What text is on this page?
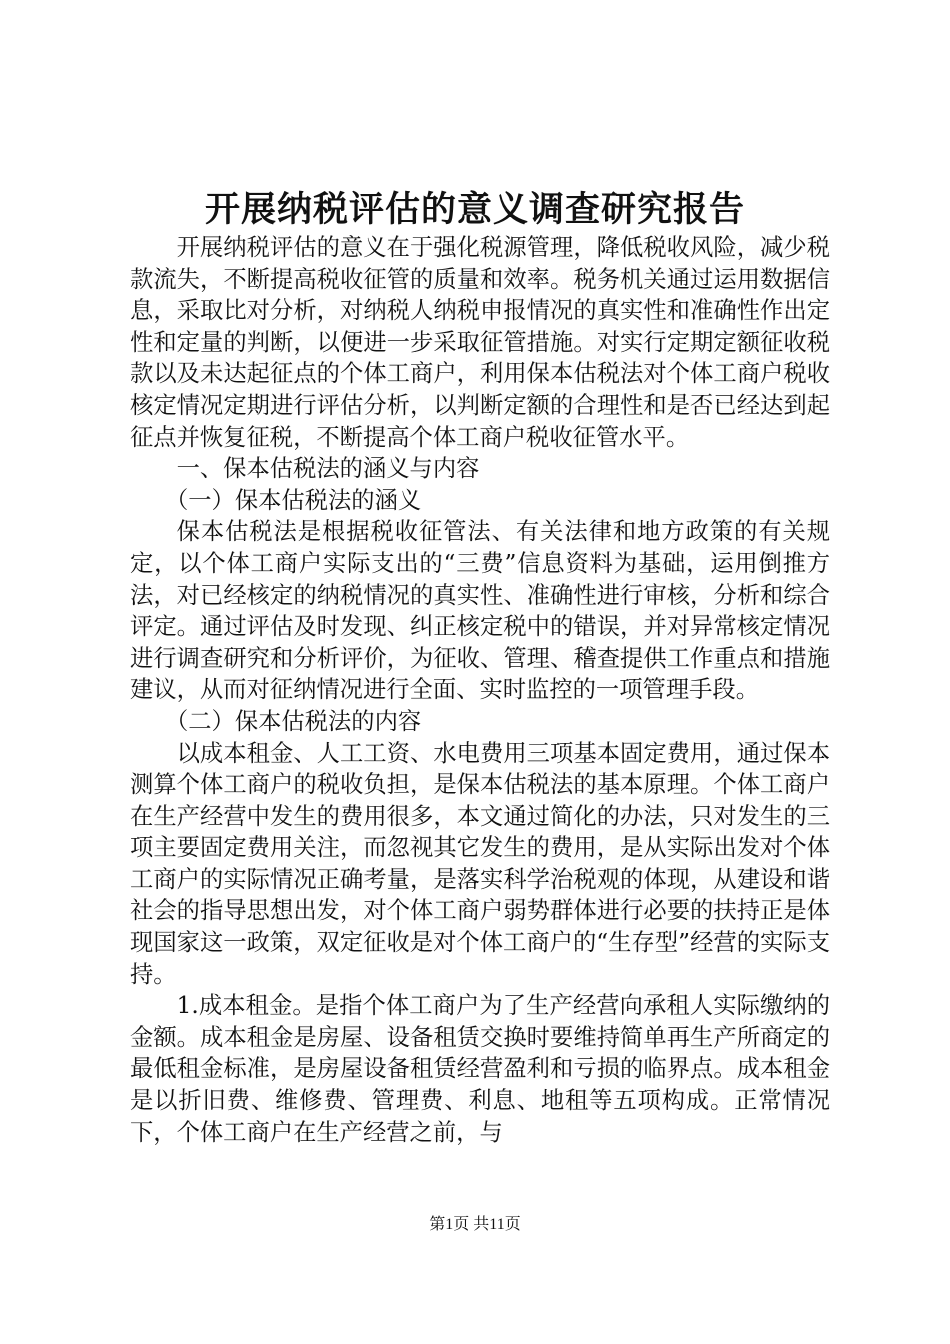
开展纳税评估的意义调查研究报告

开展纳税评估的意义在于强化税源管理，降低税收风险，减少税款流失，不断提高税收征管的质量和效率。税务机关通过运用数据信息，采取比对分析，对纳税人纳税申报情况的真实性和准确性作出定性和定量的判断，以便进一步采取征管措施。对实行定期定额征收税款以及未达起征点的个体工商户，利用保本估税法对个体工商户税收核定情况定期进行评估分析，以判断定额的合理性和是否已经达到起征点并恢复征税，不断提高个体工商户税收征管水平。

一、保本估税法的涵义与内容

（一）保本估税法的涵义

保本估税法是根据税收征管法、有关法律和地方政策的有关规定，以个体工商户实际支出的“三费”信息资料为基础，运用倒推方法，对已经核定的纳税情况的真实性、准确性进行审核，分析和综合评定。通过评估及时发现、纠正核定税中的错误，并对异常核定情况进行调查研究和分析评价，为征收、管理、稽查提供工作重点和措施建议，从而对征纳情况进行全面、实时监控的一项管理手段。

（二）保本估税法的内容

以成本租金、人工工资、水电费用三项基本固定费用，通过保本测算个体工商户的税收负担，是保本估税法的基本原理。个体工商户在生产经营中发生的费用很多，本文通过简化的办法，只对发生的三项主要固定费用关注，而忽视其它发生的费用，是从实际出发对个体工商户的实际情况正确考量，是落实科学治税观的体现，从建设和谐社会的指导思想出发，对个体工商户弱势群体进行必要的扶持正是体现国家这一政策，双定征收是对个体工商户的“生存型”经营的实际支持。

1.成本租金。是指个体工商户为了生产经营向承租人实际缴纳的金额。成本租金是房屋、设备租赁交换时要维持简单再生产所商定的最低租金标准，是房屋设备租赁经营盈利和亏损的临界点。成本租金是以折旧费、维修费、管理费、利息、地租等五项构成。正常情况下，个体工商户在生产经营之前，与

第1页 共11页
